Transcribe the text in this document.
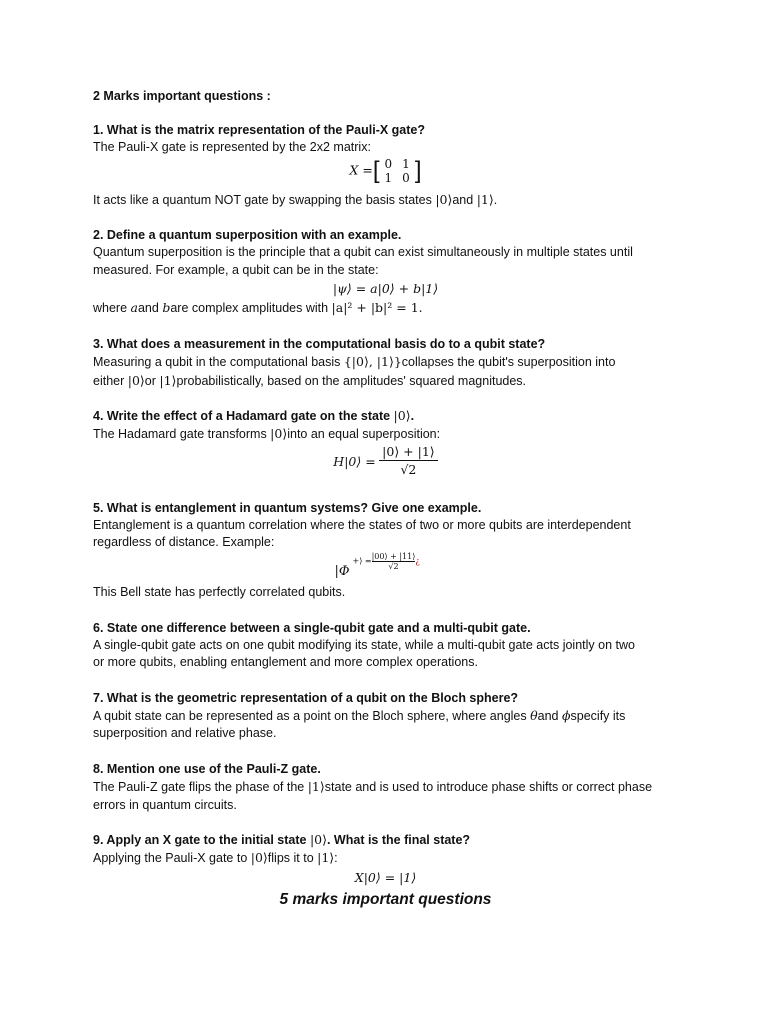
2 Marks important questions :
1. What is the matrix representation of the Pauli-X gate?
The Pauli-X gate is represented by the 2x2 matrix:
X =[ 0	1
1	0 ]
It acts like a quantum NOT gate by swapping the basis states |0⟩and |1⟩.
2. Define a quantum superposition with an example.
Quantum superposition is the principle that a qubit can exist simultaneously in multiple states until
measured. For example, a qubit can be in the state:
|ψ⟩ = a|0⟩ + b|1⟩
where aand bare complex amplitudes with |a|² + |b|² = 1.
3. What does a measurement in the computational basis do to a qubit state?
Measuring a qubit in the computational basis {|0⟩, |1⟩}collapses the qubit's superposition into
either |0⟩or |1⟩probabilistically, based on the amplitudes' squared magnitudes.
4. Write the effect of a Hadamard gate on the state |0⟩.
The Hadamard gate transforms |0⟩into an equal superposition:
H|0⟩ = $\frac{|0⟩ + |1⟩}{√2}$
5. What is entanglement in quantum systems? Give one example.
Entanglement is a quantum correlation where the states of two or more qubits are interdependent
regardless of distance. Example:
|Φ
+⟩ = $\frac{|00⟩ + |11⟩}{√2}$ ¿
This Bell state has perfectly correlated qubits.
6. State one difference between a single-qubit gate and a multi-qubit gate.
A single-qubit gate acts on one qubit modifying its state, while a multi-qubit gate acts jointly on two
or more qubits, enabling entanglement and more complex operations.
7. What is the geometric representation of a qubit on the Bloch sphere?
A qubit state can be represented as a point on the Bloch sphere, where angles θand ϕspecify its
superposition and relative phase.
8. Mention one use of the Pauli-Z gate.
The Pauli-Z gate flips the phase of the |1⟩state and is used to introduce phase shifts or correct phase
errors in quantum circuits.
9. Apply an X gate to the initial state |0⟩. What is the final state?
Applying the Pauli-X gate to |0⟩flips it to |1⟩:
X|0⟩ = |1⟩
5 marks important questions
